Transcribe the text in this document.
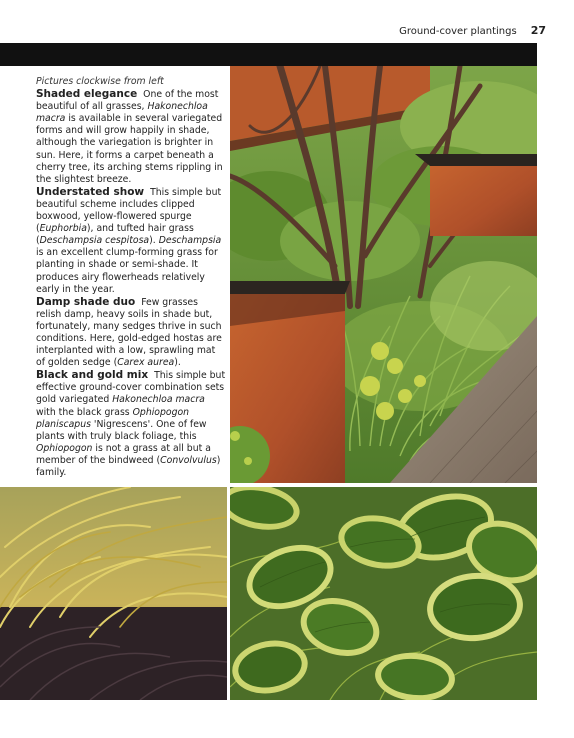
Ground-cover plantings 27

Pictures clockwise from left

Shaded elegance One of the most beautiful of all grasses, Hakonechloa macra is available in several variegated forms and will grow happily in shade, although the variegation is brighter in sun. Here, it forms a carpet beneath a cherry tree, its arching stems rippling in the slightest breeze.

Understated show This simple but beautiful scheme includes clipped boxwood, yellow-flowered spurge (Euphorbia), and tufted hair grass (Deschampsia cespitosa). Deschampsia is an excellent clump-forming grass for planting in shade or semi-shade. It produces airy flowerheads relatively early in the year.

Damp shade duo Few grasses relish damp, heavy soils in shade but, fortunately, many sedges thrive in such conditions. Here, gold-edged hostas are interplanted with a low, sprawling mat of golden sedge (Carex aurea).

Black and gold mix This simple but effective ground-cover combination sets gold variegated Hakonechloa macra with the black grass Ophiopogon planiscapus 'Nigrescens'. One of few plants with truly black foliage, this Ophiopogon is not a grass at all but a member of the bindweed (Convolvulus) family.
